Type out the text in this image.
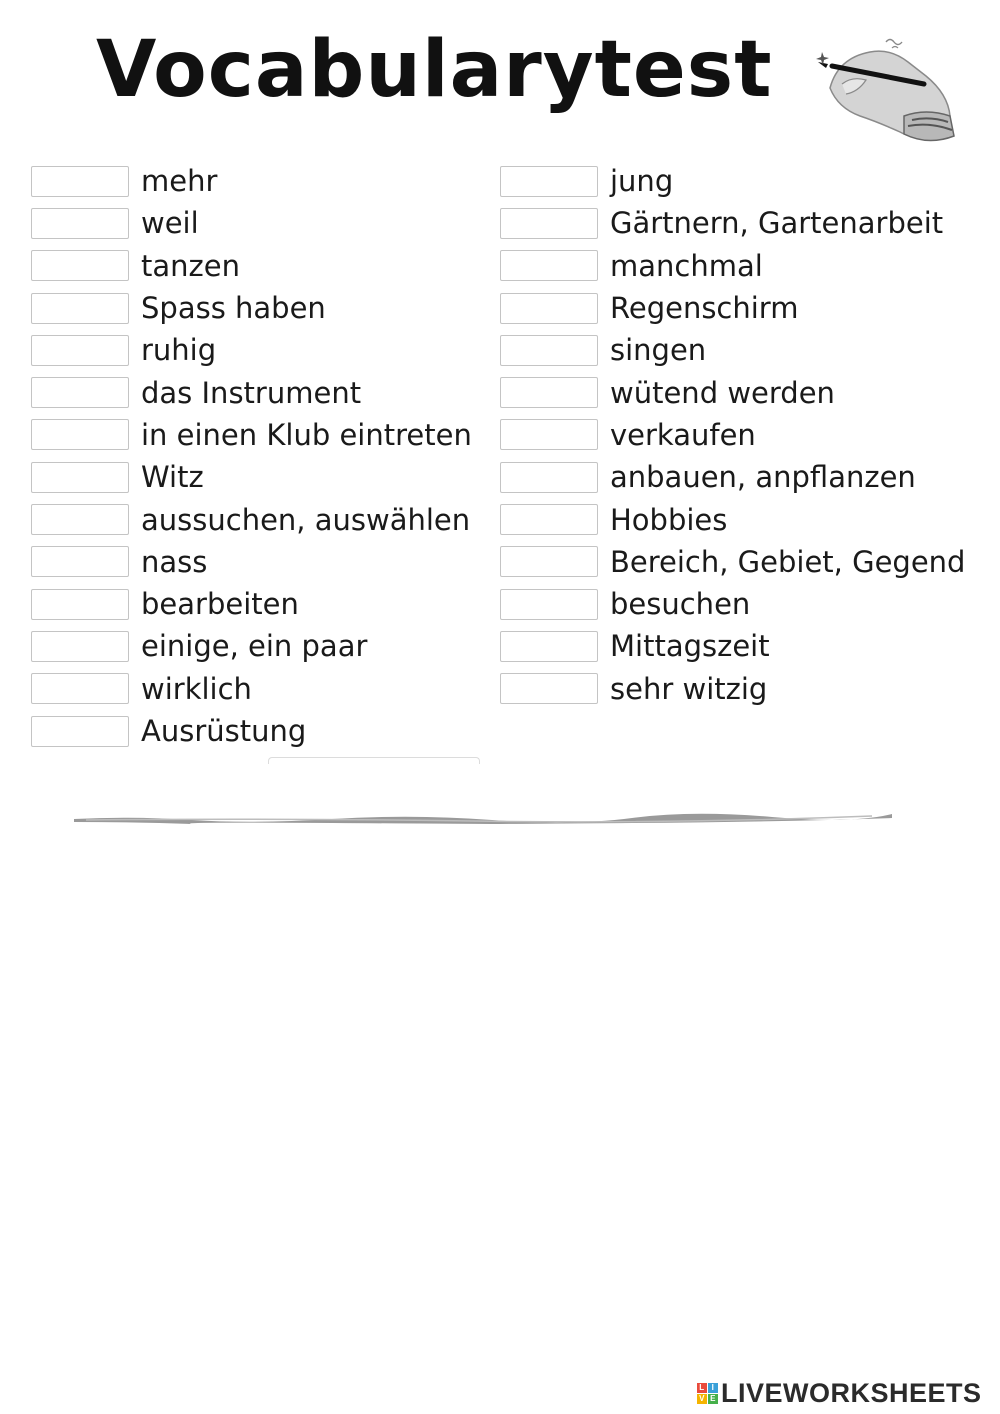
Vocabularytest
mehr
weil
tanzen
Spass haben
ruhig
das Instrument
in einen Klub eintreten
Witz
aussuchen, auswählen
nass
bearbeiten
einige, ein paar
wirklich
Ausrüstung
jung
Gärtnern, Gartenarbeit
manchmal
Regenschirm
singen
wütend werden
verkaufen
anbauen, anpflanzen
Hobbies
Bereich, Gebiet, Gegend
besuchen
Mittagszeit
sehr witzig
L I
V E LIVEWORKSHEETS
